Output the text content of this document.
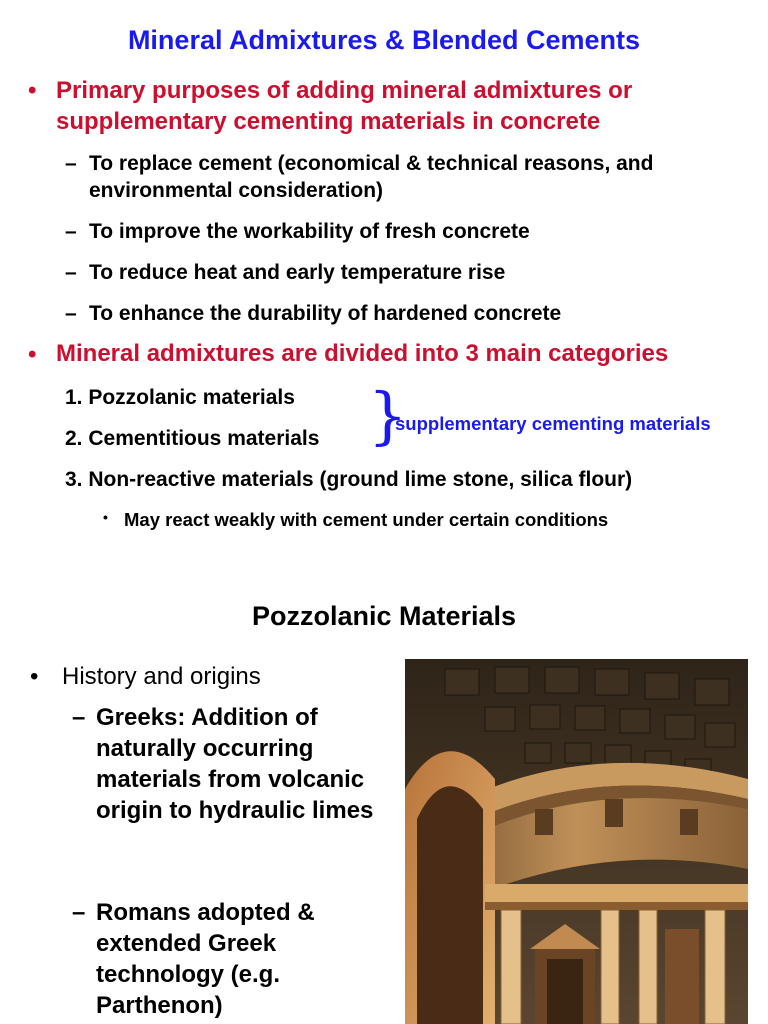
Mineral Admixtures & Blended Cements
• Primary purposes of adding mineral admixtures or supplementary cementing materials in concrete
– To replace cement (economical & technical reasons, and environmental consideration)
– To improve the workability of fresh concrete
– To reduce heat and early temperature rise
– To enhance the durability of hardened concrete
• Mineral admixtures are divided into 3 main categories
1. Pozzolanic materials
2. Cementitious materials
3. Non-reactive materials (ground lime stone, silica flour)
}
supplementary cementing materials
• May react weakly with cement under certain conditions
Pozzolanic Materials
• History and origins
– Greeks: Addition of naturally occurring materials from volcanic origin to hydraulic limes
– Romans adopted & extended Greek technology (e.g. Parthenon)
